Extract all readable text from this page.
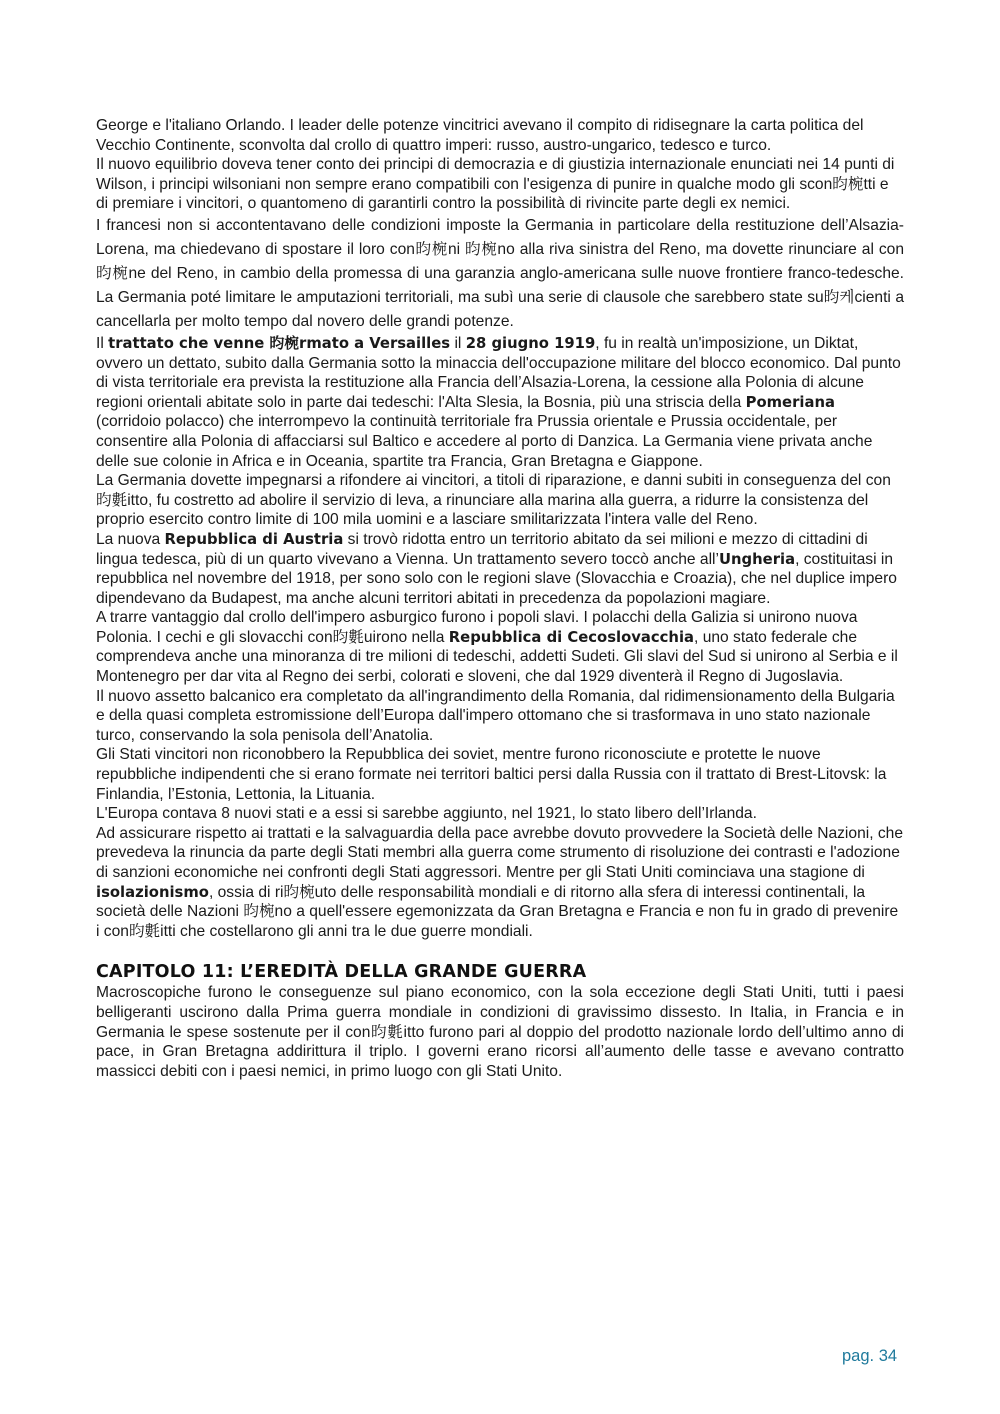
George e l'italiano Orlando. I leader delle potenze vincitrici avevano il compito di ridisegnare la carta politica del Vecchio Continente, sconvolta dal crollo di quattro imperi: russo, austro-ungarico, tedesco e turco.

Il nuovo equilibrio doveva tener conto dei principi di democrazia e di giustizia internazionale enunciati nei 14 punti di Wilson, i principi wilsoniani non sempre erano compatibili con l'esigenza di punire in qualche modo gli scon昀椀tti e di premiare i vincitori, o quantomeno di garantirli contro la possibilità di rivincite parte degli ex nemici.

I francesi non si accontentavano delle condizioni imposte la Germania in particolare della restituzione dell’Alsazia-Lorena, ma chiedevano di spostare il loro con昀椀ni 昀椀no alla riva sinistra del Reno, ma dovette rinunciare al con昀椀ne del Reno, in cambio della promessa di una garanzia anglo-americana sulle nuove frontiere franco-tedesche. La Germania poté limitare le amputazioni territoriali, ma subì una serie di clausole che sarebbero state su昀케cienti a cancellarla per molto tempo dal novero delle grandi potenze.

Il trattato che venne 昀椀rmato a Versailles il 28 giugno 1919, fu in realtà un'imposizione, un Diktat, ovvero un dettato, subito dalla Germania sotto la minaccia dell'occupazione militare del blocco economico. Dal punto di vista territoriale era prevista la restituzione alla Francia dell’Alsazia-Lorena, la cessione alla Polonia di alcune regioni orientali abitate solo in parte dai tedeschi: l'Alta Slesia, la Bosnia, più una striscia della Pomeriana (corridoio polacco) che interrompevo la continuità territoriale fra Prussia orientale e Prussia occidentale, per consentire alla Polonia di affacciarsi sul Baltico e accedere al porto di Danzica. La Germania viene privata anche delle sue colonie in Africa e in Oceania, spartite tra Francia, Gran Bretagna e Giappone.

La Germania dovette impegnarsi a rifondere ai vincitori, a titoli di riparazione, e danni subiti in conseguenza del con昀氀itto, fu costretto ad abolire il servizio di leva, a rinunciare alla marina alla guerra, a ridurre la consistenza del proprio esercito contro limite di 100 mila uomini e a lasciare smilitarizzata l'intera valle del Reno.

La nuova Repubblica di Austria si trovò ridotta entro un territorio abitato da sei milioni e mezzo di cittadini di lingua tedesca, più di un quarto vivevano a Vienna. Un trattamento severo toccò anche all’Ungheria, costituitasi in repubblica nel novembre del 1918, per sono solo con le regioni slave (Slovacchia e Croazia), che nel duplice impero dipendevano da Budapest, ma anche alcuni territori abitati in precedenza da popolazioni magiare.

A trarre vantaggio dal crollo dell'impero asburgico furono i popoli slavi. I polacchi della Galizia si unirono nuova Polonia. I cechi e gli slovacchi con昀氀uirono nella Repubblica di Cecoslovacchia, uno stato federale che comprendeva anche una minoranza di tre milioni di tedeschi, addetti Sudeti. Gli slavi del Sud si unirono al Serbia e il Montenegro per dar vita al Regno dei serbi, colorati e sloveni, che dal 1929 diventerà il Regno di Jugoslavia.

Il nuovo assetto balcanico era completato da all'ingrandimento della Romania, dal ridimensionamento della Bulgaria e della quasi completa estromissione dell’Europa dall'impero ottomano che si trasformava in uno stato nazionale turco, conservando la sola penisola dell’Anatolia.

Gli Stati vincitori non riconobbero la Repubblica dei soviet, mentre furono riconosciute e protette le nuove repubbliche indipendenti che si erano formate nei territori baltici persi dalla Russia con il trattato di Brest-Litovsk: la Finlandia, l’Estonia, Lettonia, la Lituania.

L'Europa contava 8 nuovi stati e a essi si sarebbe aggiunto, nel 1921, lo stato libero dell’Irlanda.

Ad assicurare rispetto ai trattati e la salvaguardia della pace avrebbe dovuto provvedere la Società delle Nazioni, che prevedeva la rinuncia da parte degli Stati membri alla guerra come strumento di risoluzione dei contrasti e l'adozione di sanzioni economiche nei confronti degli Stati aggressori. Mentre per gli Stati Uniti cominciava una stagione di isolazionismo, ossia di ri昀椀uto delle responsabilità mondiali e di ritorno alla sfera di interessi continentali, la società delle Nazioni 昀椀no a quell'essere egemonizzata da Gran Bretagna e Francia e non fu in grado di prevenire i con昀氀itti che costellarono gli anni tra le due guerre mondiali.

CAPITOLO 11: L’EREDITÀ DELLA GRANDE GUERRA

Macroscopiche furono le conseguenze sul piano economico, con la sola eccezione degli Stati Uniti, tutti i paesi belligeranti uscirono dalla Prima guerra mondiale in condizioni di gravissimo dissesto. In Italia, in Francia e in Germania le spese sostenute per il con昀氀itto furono pari al doppio del prodotto nazionale lordo dell’ultimo anno di pace, in Gran Bretagna addirittura il triplo. I governi erano ricorsi all’aumento delle tasse e avevano contratto massicci debiti con i paesi nemici, in primo luogo con gli Stati Unito.

pag. 34
